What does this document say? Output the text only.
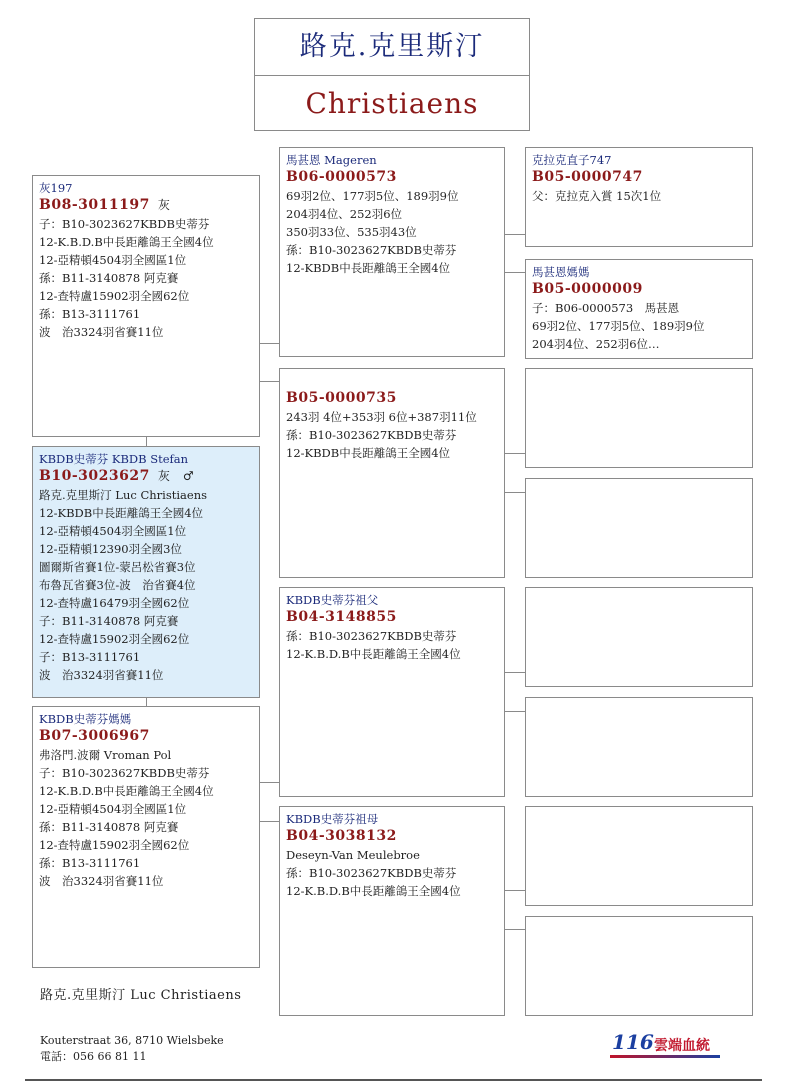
路克.克里斯汀
Christiaens
灰197
B08-3011197 灰
子：B10-3023627KBDB史蒂芬
12-K.B.D.B中長距離鴿王全國4位
12-亞精頓4504羽全國區1位
孫：B11-3140878 阿克賽
12-查特盧15902羽全國62位
孫：B13-3111761
波　治3324羽省賽11位
KBDB史蒂芬 KBDB Stefan
B10-3023627 灰　♂
路克.克里斯汀 Luc Christiaens
12-KBDB中長距離鴿王全國4位
12-亞精頓4504羽全國區1位
12-亞精頓12390羽全國3位
圖爾斯省賽1位-蒙呂松省賽3位
布魯瓦省賽3位-波　治省賽4位
12-查特盧16479羽全國62位
子：B11-3140878 阿克賽
12-查特盧15902羽全國62位
子：B13-3111761
波　治3324羽省賽11位
KBDB史蒂芬媽媽
B07-3006967
弗洛門.波爾 Vroman Pol
子：B10-3023627KBDB史蒂芬
12-K.B.D.B中長距離鴿王全國4位
12-亞精頓4504羽全國區1位
孫：B11-3140878 阿克賽
12-查特盧15902羽全國62位
孫：B13-3111761
波　治3324羽省賽11位
馬甚恩 Mageren
B06-0000573
69羽2位、177羽5位、189羽9位
204羽4位、252羽6位
350羽33位、535羽43位
孫：B10-3023627KBDB史蒂芬
12-KBDB中長距離鴿王全國4位
B05-0000735
243羽 4位+353羽 6位+387羽11位
孫：B10-3023627KBDB史蒂芬
12-KBDB中長距離鴿王全國4位
KBDB史蒂芬祖父
B04-3148855
孫：B10-3023627KBDB史蒂芬
12-K.B.D.B中長距離鴿王全國4位
KBDB史蒂芬祖母
B04-3038132
Deseyn-Van Meulebroe
孫：B10-3023627KBDB史蒂芬
12-K.B.D.B中長距離鴿王全國4位
克拉克直子747
B05-0000747
父：克拉克入賞 15次1位
馬甚恩媽媽
B05-0000009
子：B06-0000573　馬甚恩
69羽2位、177羽5位、189羽9位
204羽4位、252羽6位…
路克.克里斯汀 Luc Christiaens
Kouterstraat 36, 8710 Wielsbeke
電話：056 66 81 11
116 雲端血統
